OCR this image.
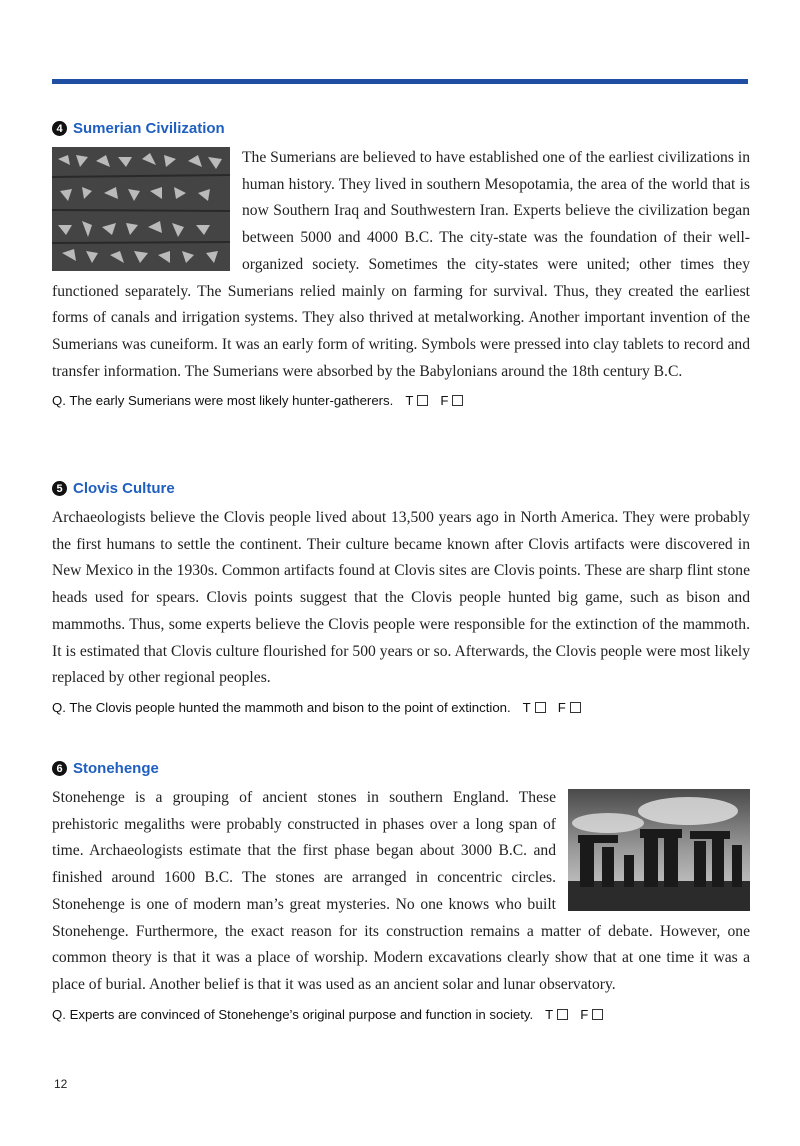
4 Sumerian Civilization
The Sumerians are believed to have established one of the earliest civilizations in human history. They lived in southern Mesopotamia, the area of the world that is now Southern Iraq and Southwestern Iran. Experts believe the civilization began between 5000 and 4000 B.C. The city-state was the foundation of their well-organized society. Sometimes the city-states were united; other times they functioned separately. The Sumerians relied mainly on farming for survival. Thus, they created the earliest forms of canals and irrigation systems. They also thrived at metalworking. Another important invention of the Sumerians was cuneiform. It was an early form of writing. Symbols were pressed into clay tablets to record and transfer information. The Sumerians were absorbed by the Babylonians around the 18th century B.C.
Q. The early Sumerians were most likely hunter-gatherers. T F
5 Clovis Culture
Archaeologists believe the Clovis people lived about 13,500 years ago in North America. They were probably the first humans to settle the continent. Their culture became known after Clovis artifacts were discovered in New Mexico in the 1930s. Common artifacts found at Clovis sites are Clovis points. These are sharp flint stone heads used for spears. Clovis points suggest that the Clovis people hunted big game, such as bison and mammoths. Thus, some experts believe the Clovis people were responsible for the extinction of the mammoth. It is estimated that Clovis culture flourished for 500 years or so. Afterwards, the Clovis people were most likely replaced by other regional peoples.
Q. The Clovis people hunted the mammoth and bison to the point of extinction. T F
6 Stonehenge
Stonehenge is a grouping of ancient stones in southern England. These prehistoric megaliths were probably constructed in phases over a long span of time. Archaeologists estimate that the first phase began about 3000 B.C. and finished around 1600 B.C. The stones are arranged in concentric circles. Stonehenge is one of modern man’s great mysteries. No one knows who built Stonehenge. Furthermore, the exact reason for its construction remains a matter of debate. However, one common theory is that it was a place of worship. Modern excavations clearly show that at one time it was a place of burial. Another belief is that it was used as an ancient solar and lunar observatory.
Q. Experts are convinced of Stonehenge’s original purpose and function in society. T F
12
